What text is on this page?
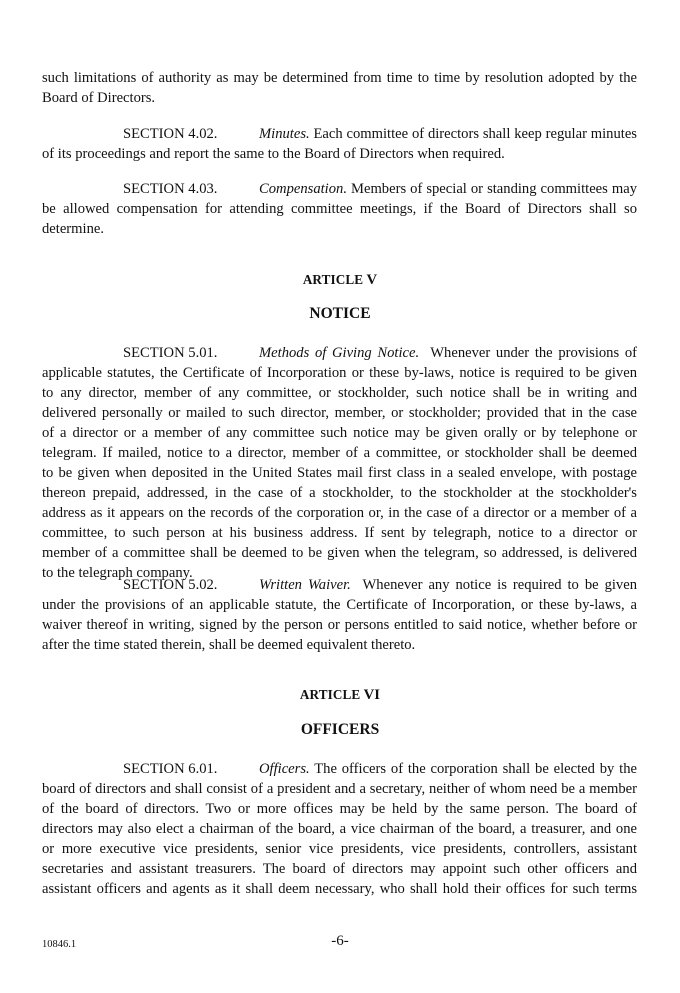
such limitations of authority as may be determined from time to time by resolution adopted by the
Board of Directors.
SECTION 4.02.	Minutes. Each committee of directors shall keep regular minutes
of its proceedings and report the same to the Board of Directors when required.
SECTION 4.03.	Compensation. Members of special or standing committees may
be allowed compensation for attending committee meetings, if the Board of Directors shall so
determine.
ARTICLE V
NOTICE
SECTION 5.01.	Methods of Giving Notice. Whenever under the provisions of
applicable statutes, the Certificate of Incorporation or these by-laws, notice is required to be given
to any director, member of any committee, or stockholder, such notice shall be in writing and
delivered personally or mailed to such director, member, or stockholder; provided that in the case
of a director or a member of any committee such notice may be given orally or by telephone or
telegram. If mailed, notice to a director, member of a committee, or stockholder shall be deemed
to be given when deposited in the United States mail first class in a sealed envelope, with postage
thereon prepaid, addressed, in the case of a stockholder, to the stockholder at the stockholder's
address as it appears on the records of the corporation or, in the case of a director or a member of a
committee, to such person at his business address. If sent by telegraph, notice to a director or
member of a committee shall be deemed to be given when the telegram, so addressed, is delivered
to the telegraph company.
SECTION 5.02.	Written Waiver. Whenever any notice is required to be given
under the provisions of an applicable statute, the Certificate of Incorporation, or these by-laws, a
waiver thereof in writing, signed by the person or persons entitled to said notice, whether before or
after the time stated therein, shall be deemed equivalent thereto.
ARTICLE VI
OFFICERS
SECTION 6.01.	Officers. The officers of the corporation shall be elected by the
board of directors and shall consist of a president and a secretary, neither of whom need be a member
of the board of directors. Two or more offices may be held by the same person. The board of
directors may also elect a chairman of the board, a vice chairman of the board, a treasurer, and one
or more executive vice presidents, senior vice presidents, vice presidents, controllers, assistant
secretaries and assistant treasurers. The board of directors may appoint such other officers and
assistant officers and agents as it shall deem necessary, who shall hold their offices for such terms
10846.1	-6-
